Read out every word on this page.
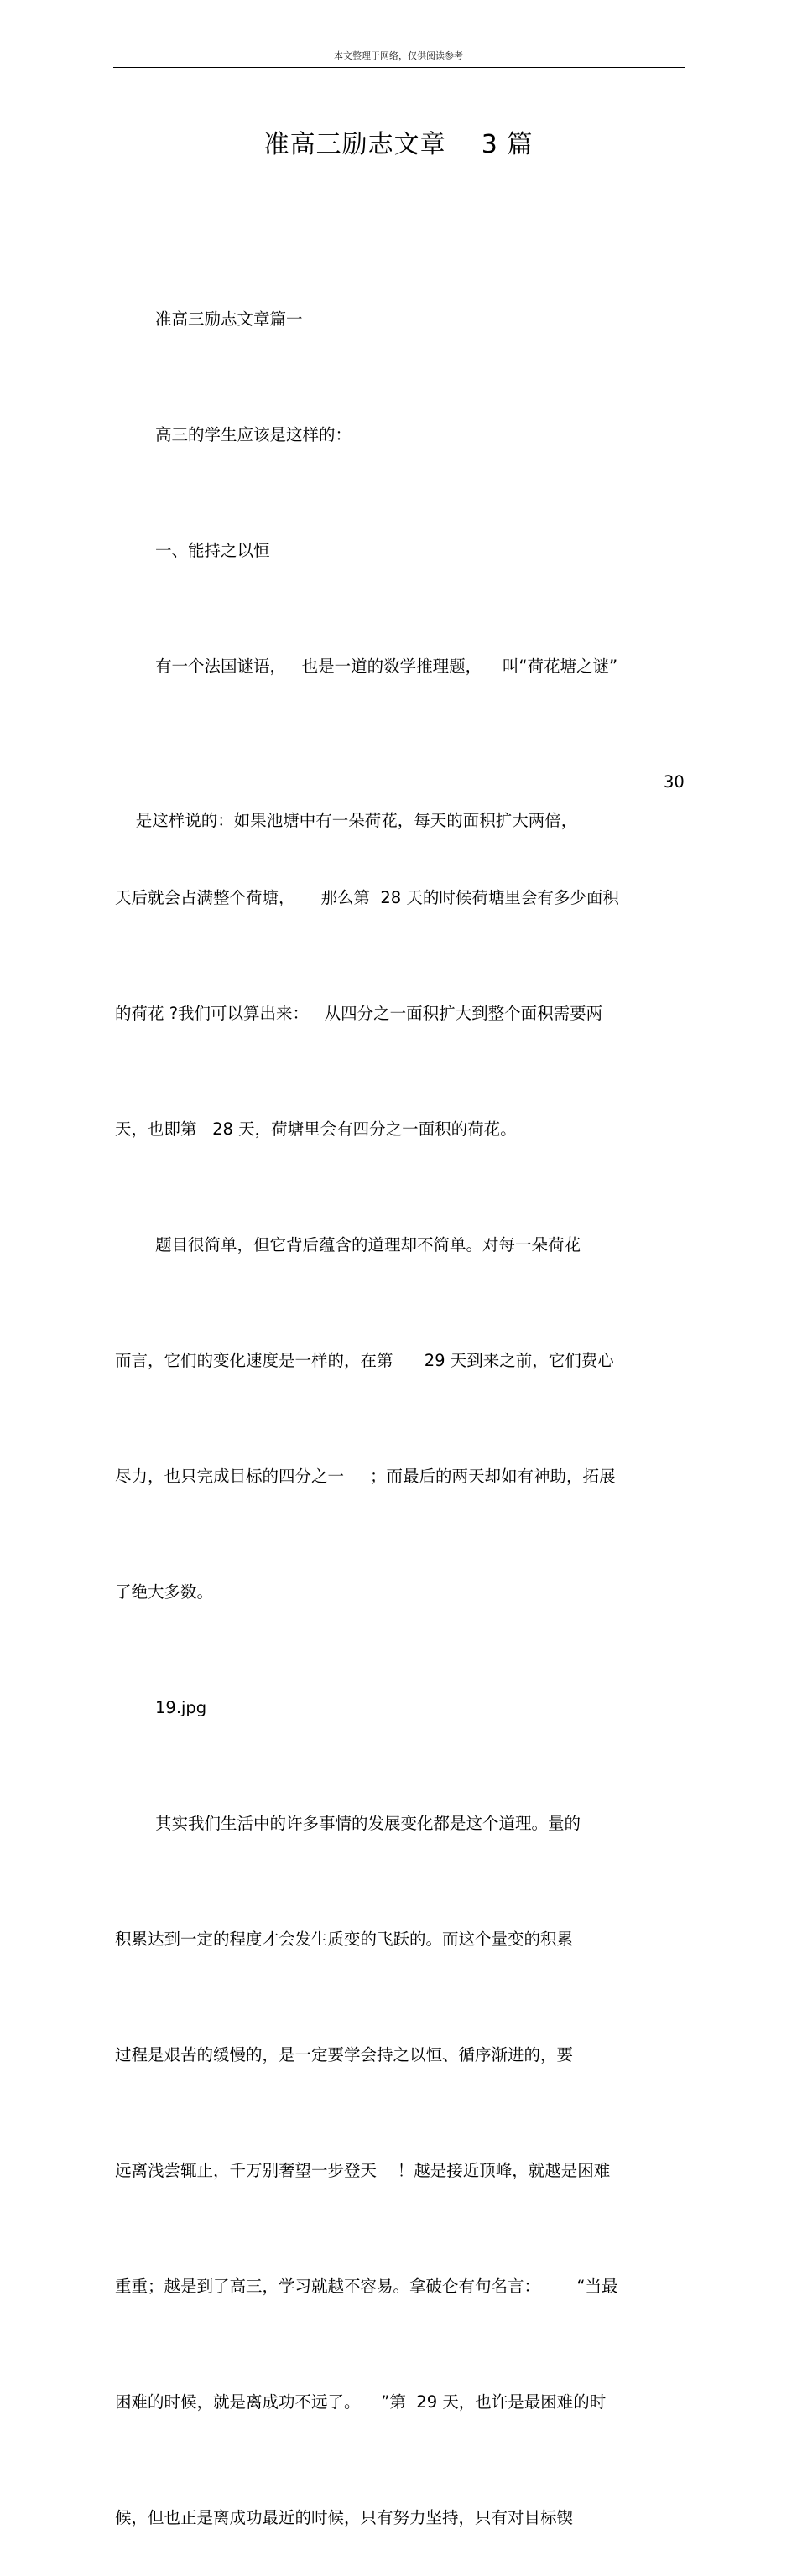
本文整理于网络，仅供阅读参考
准高三励志文章    3 篇

准高三励志文章篇一

高三的学生应该是这样的：

一、能持之以恒

有一个法国谜语，   也是一道的数学推理题，    叫“荷花塘之谜”

是这样说的：如果池塘中有一朵荷花，每天的面积扩大两倍，

30

天后就会占满整个荷塘，     那么第  28 天的时候荷塘里会有多少面积

的荷花 ?我们可以算出来：   从四分之一面积扩大到整个面积需要两

天，也即第   28 天，荷塘里会有四分之一面积的荷花。

题目很简单，但它背后蕴含的道理却不简单。对每一朵荷花

而言，它们的变化速度是一样的，在第      29 天到来之前，它们费心

尽力，也只完成目标的四分之一     ；而最后的两天却如有神助，拓展

了绝大多数。

19.jpg

其实我们生活中的许多事情的发展变化都是这个道理。量的

积累达到一定的程度才会发生质变的飞跃的。而这个量变的积累

过程是艰苦的缓慢的，是一定要学会持之以恒、循序渐进的，要

远离浅尝辄止，千万别奢望一步登天    ！越是接近顶峰，就越是困难

重重；越是到了高三，学习就越不容易。拿破仑有句名言：       “当最

困难的时候，就是离成功不远了。    ”第  29 天，也许是最困难的时

候，但也正是离成功最近的时候，只有努力坚持，只有对目标锲
